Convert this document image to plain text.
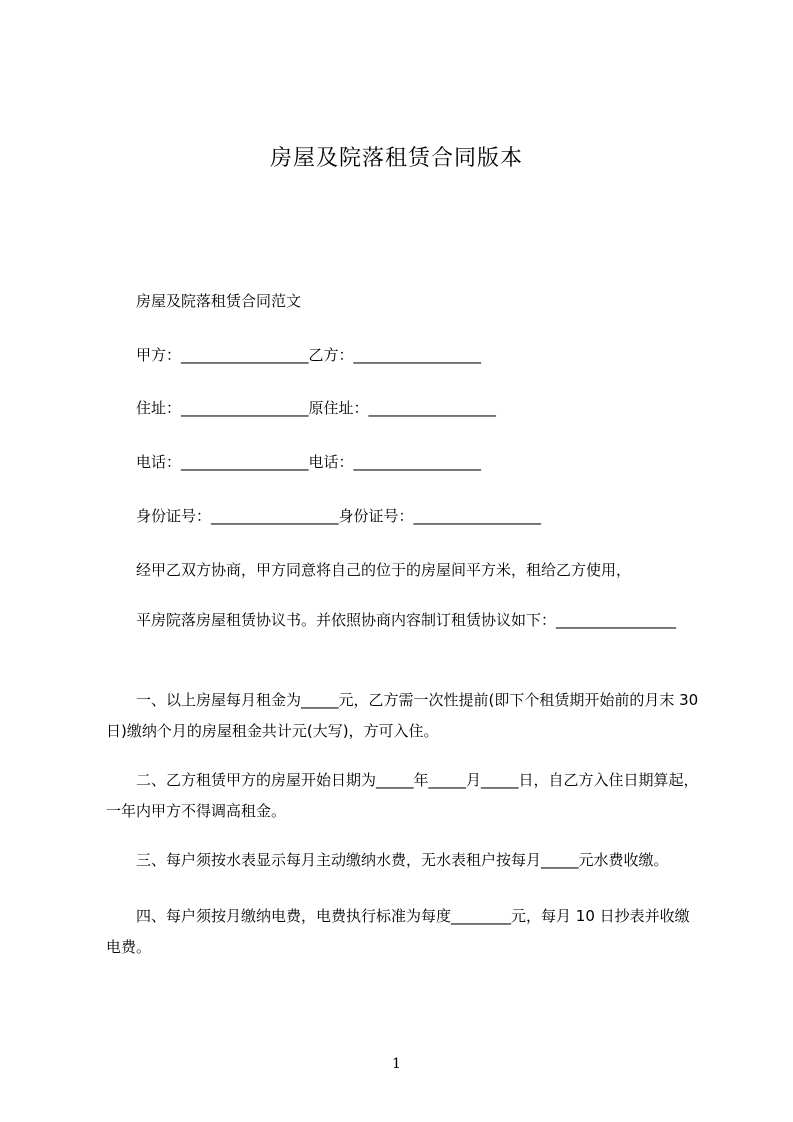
房屋及院落租赁合同版本
房屋及院落租赁合同范文
甲方：_________________乙方：_________________
住址：_________________原住址：_________________
电话：_________________电话：_________________
身份证号：_________________身份证号：_________________
经甲乙双方协商，甲方同意将自己的位于的房屋间平方米，租给乙方使用，
平房院落房屋租赁协议书。并依照协商内容制订租赁协议如下：________________
一、以上房屋每月租金为_____元，乙方需一次性提前(即下个租赁期开始前的月末 30 日)缴纳个月的房屋租金共计元(大写)，方可入住。
二、乙方租赁甲方的房屋开始日期为_____年_____月_____日，自乙方入住日期算起，一年内甲方不得调高租金。
三、每户须按水表显示每月主动缴纳水费，无水表租户按每月_____元水费收缴。
四、每户须按月缴纳电费，电费执行标准为每度________元，每月 10 日抄表并收缴电费。
1
